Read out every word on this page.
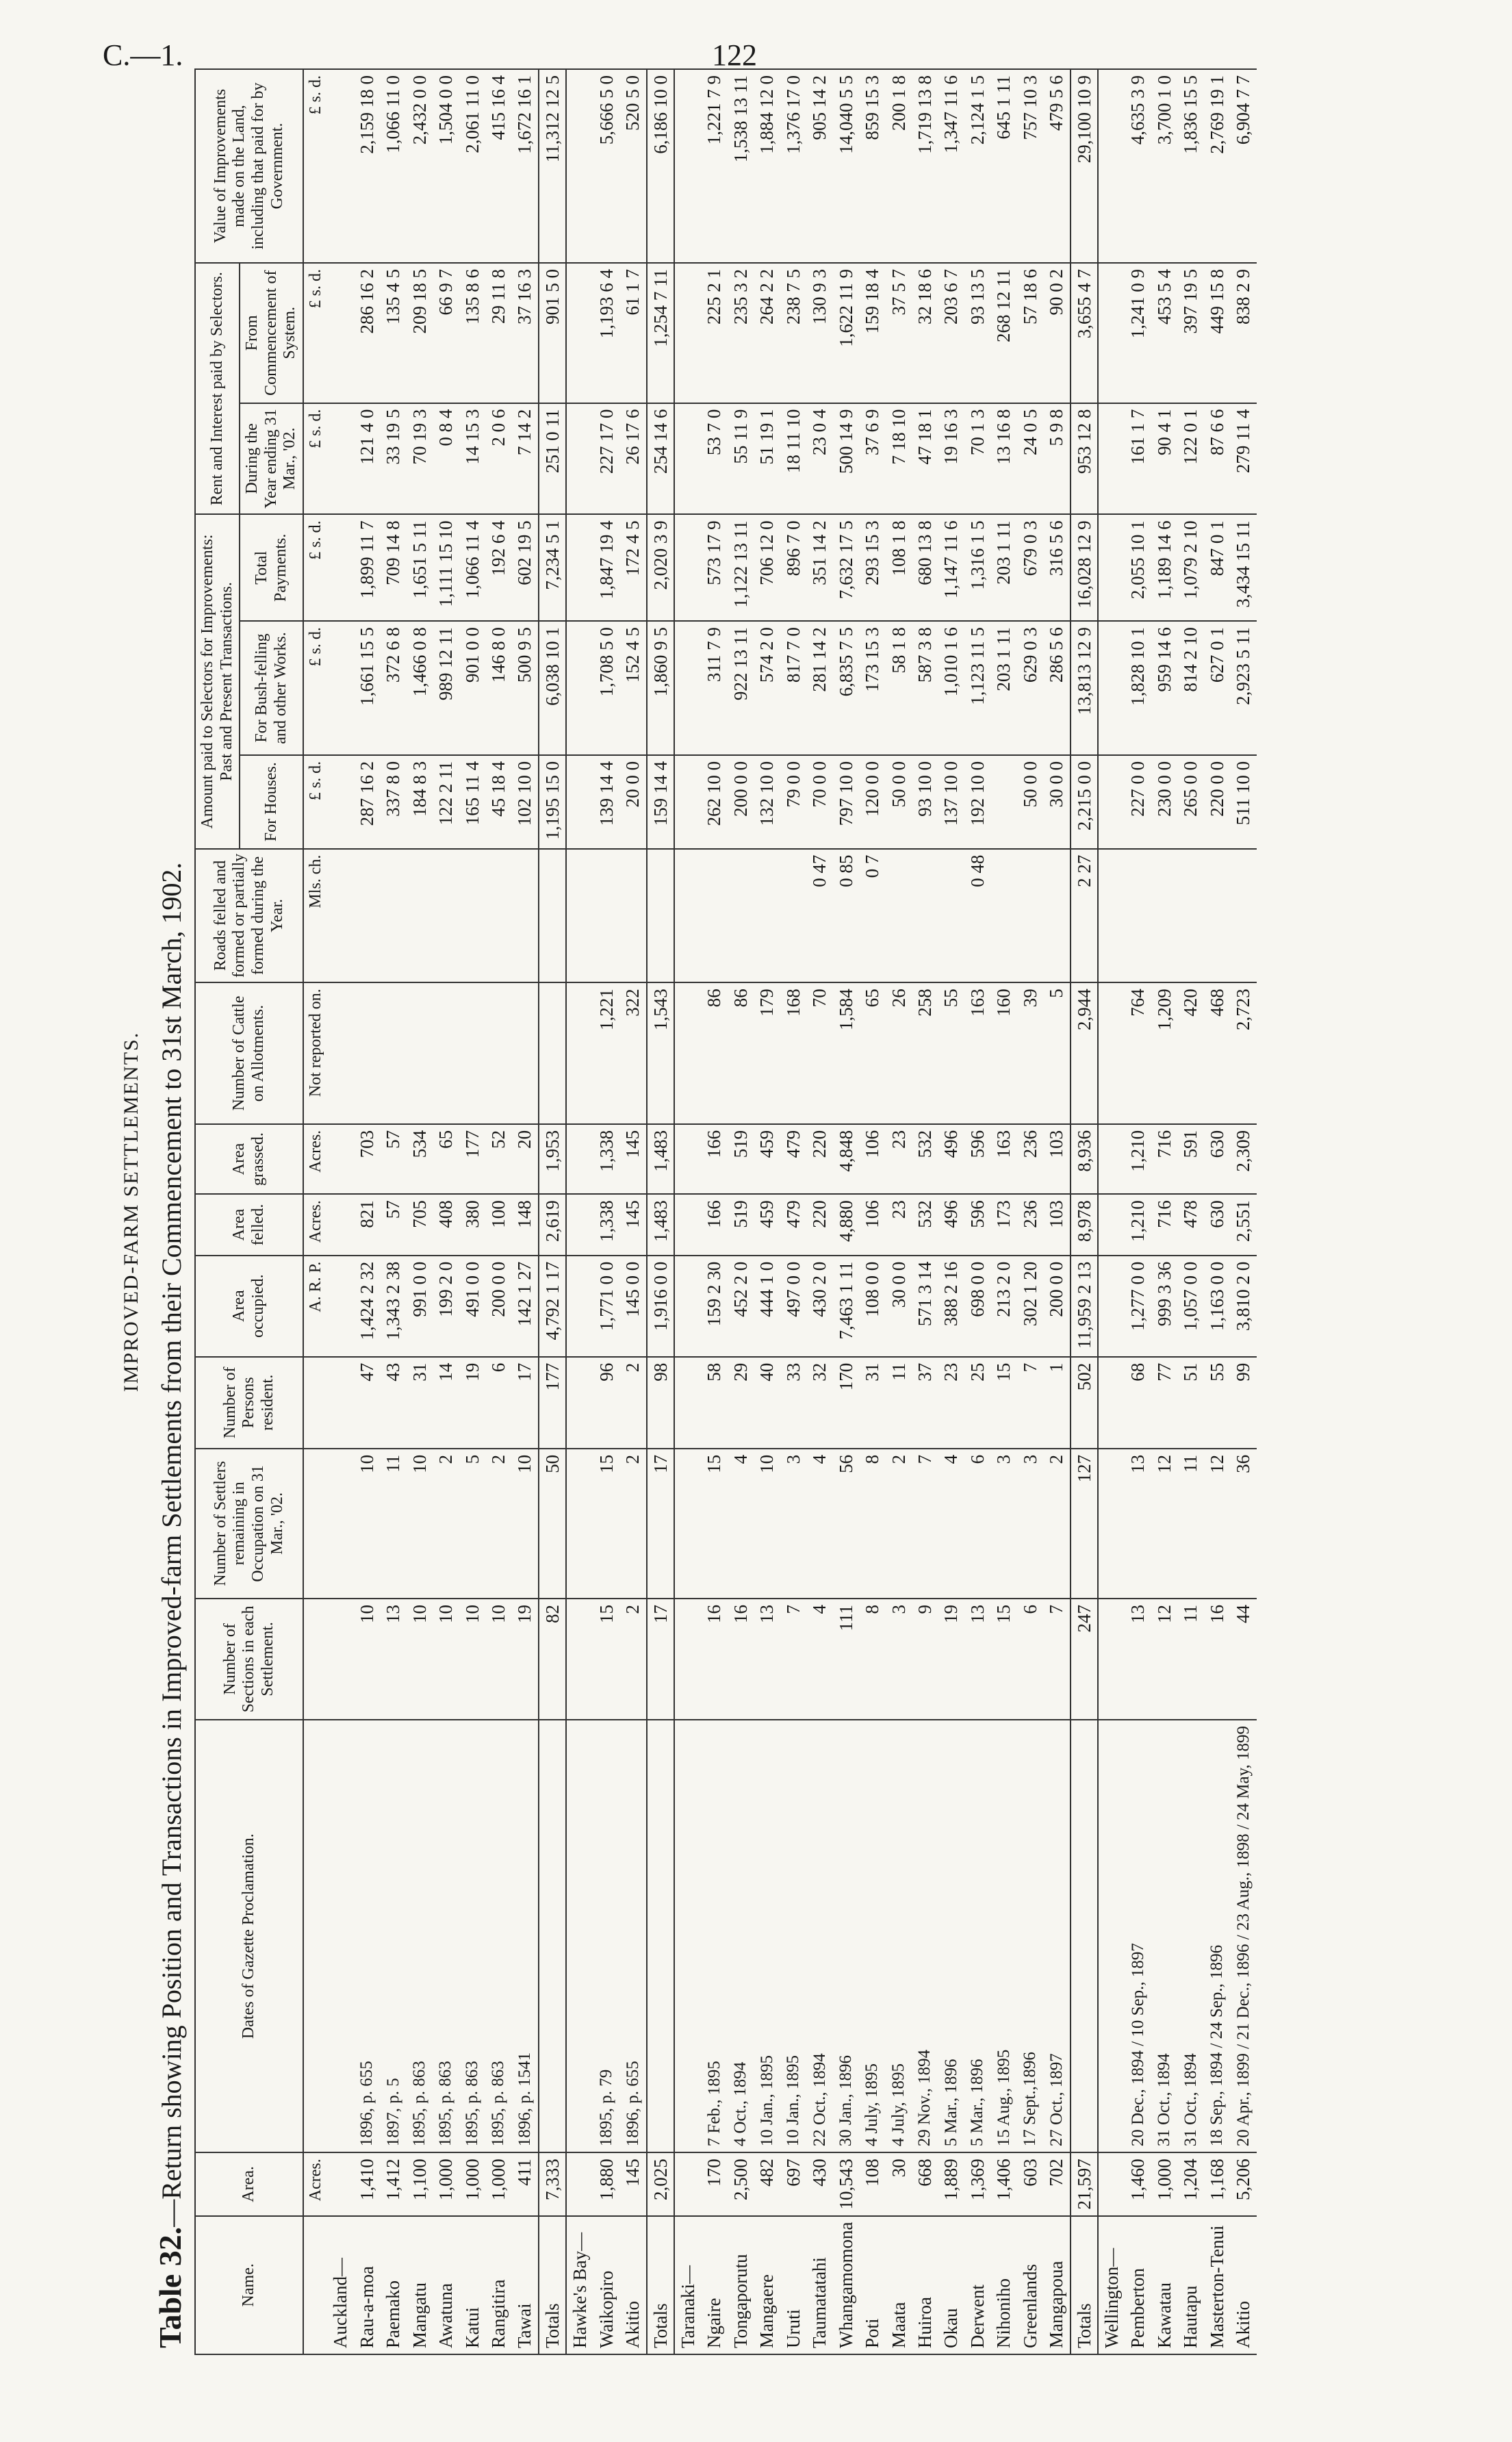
C.—1.	122
IMPROVED-FARM SETTLEMENTS.
Table 32.—Return showing Position and Transactions in Improved-farm Settlements from their Commencement to 31st March, 1902.
Name.	Area.	Dates of Gazette Proclamation.	Number of Sections in each Settlement.	Number of Settlers remaining in Occupation on 31 Mar., '02.	Number of Persons resident.	Area occupied.	Area felled.	Area grassed.	Number of Cattle on Allotments.	Roads felled and formed or partially formed during the Year.	Amount paid to Selectors for Improvements: Past and Present Transactions.			Rent and Interest paid by Selectors.		Value of Improvements made on the Land, including that paid for by Government.
											For Houses.	For Bush-felling and other Works.	Total Payments.	During the Year ending 31 Mar., '02.	From Commencement of System.	
	Acres.					A. R. P.	Acres.	Acres.	Not reported on.	Mls. ch.	£ s. d.	£ s. d.	£ s. d.	£ s. d.	£ s. d.	£ s. d.
Auckland—																
Rau-a-moa	1,410	1896, p. 655	10	10	47	1,424 2 32	821	703			287 16 2	1,661 15 5	1,899 11 7	121 4 0	286 16 2	2,159 18 0
Paemako	1,412	1897, p. 5	13	11	43	1,343 2 38	57	57			337 8 0	372 6 8	709 14 8	33 19 5	135 4 5	1,066 11 0
Mangatu	1,100	1895, p. 863	10	10	31	991 0 0	705	534			184 8 3	1,466 0 8	1,651 5 11	70 19 3	209 18 5	2,432 0 0
Awatuna	1,000	1895, p. 863	10	2	14	199 2 0	408	65			122 2 11	989 12 11	1,111 15 10	0 8 4	66 9 7	1,504 0 0
Katui	1,000	1895, p. 863	10	5	19	491 0 0	380	177			165 11 4	901 0 0	1,066 11 4	14 15 3	135 8 6	2,061 11 0
Rangitira	1,000	1895, p. 863	10	2	6	200 0 0	100	52			45 18 4	146 8 0	192 6 4	2 0 6	29 11 8	415 16 4
Tawai	411	1896, p. 1541	19	10	17	142 1 27	148	20			102 10 0	500 9 5	602 19 5	7 14 2	37 16 3	1,672 16 1
Totals	7,333		82	50	177	4,792 1 17	2,619	1,953			1,195 15 0	6,038 10 1	7,234 5 1	251 0 11	901 5 0	11,312 12 5
Hawke's Bay—																
Waikopiro	1,880	1895, p. 79	15	15	96	1,771 0 0	1,338	1,338	1,221		139 14 4	1,708 5 0	1,847 19 4	227 17 0	1,193 6 4	5,666 5 0
Akitio	145	1896, p. 655	2	2	2	145 0 0	145	145	322		20 0 0	152 4 5	172 4 5	26 17 6	61 1 7	520 5 0
Totals	2,025		17	17	98	1,916 0 0	1,483	1,483	1,543		159 14 4	1,860 9 5	2,020 3 9	254 14 6	1,254 7 11	6,186 10 0
Taranaki—																
Ngaire	170	7 Feb., 1895	16	15	58	159 2 30	166	166	86		262 10 0	311 7 9	573 17 9	53 7 0	225 2 1	1,221 7 9
Tongaporutu	2,500	4 Oct., 1894	16	4	29	452 2 0	519	519	86		200 0 0	922 13 11	1,122 13 11	55 11 9	235 3 2	1,538 13 11
Mangaere	482	10 Jan., 1895	13	10	40	444 1 0	459	459	179		132 10 0	574 2 0	706 12 0	51 19 1	264 2 2	1,884 12 0
Uruti	697	10 Jan., 1895	7	3	33	497 0 0	479	479	168		79 0 0	817 7 0	896 7 0	18 11 10	238 7 5	1,376 17 0
Taumatatahi	430	22 Oct., 1894	4	4	32	430 2 0	220	220	70	0 47	70 0 0	281 14 2	351 14 2	23 0 4	130 9 3	905 14 2
Whangamomona	10,543	30 Jan., 1896	111	56	170	7,463 1 11	4,880	4,848	1,584	0 85	797 10 0	6,835 7 5	7,632 17 5	500 14 9	1,622 11 9	14,040 5 5
Poti	108	4 July, 1895	8	8	31	108 0 0	106	106	65	0 7	120 0 0	173 15 3	293 15 3	37 6 9	159 18 4	859 15 3
Maata	30	4 July, 1895	3	2	11	30 0 0	23	23	26		50 0 0	58 1 8	108 1 8	7 18 10	37 5 7	200 1 8
Huiroa	668	29 Nov., 1894	9	7	37	571 3 14	532	532	258		93 10 0	587 3 8	680 13 8	47 18 1	32 18 6	1,719 13 8
Okau	1,889	5 Mar., 1896	19	4	23	388 2 16	496	496	55		137 10 0	1,010 1 6	1,147 11 6	19 16 3	203 6 7	1,347 11 6
Derwent	1,369	5 Mar., 1896	13	6	25	698 0 0	596	596	163	0 48	192 10 0	1,123 11 5	1,316 1 5	70 1 3	93 13 5	2,124 1 5
Nihoniho	1,406	15 Aug., 1895	15	3	15	213 2 0	173	163	160			203 1 11	203 1 11	13 16 8	268 12 11	645 1 11
Greenlands	603	17 Sept.,1896	6	3	7	302 1 20	236	236	39		50 0 0	629 0 3	679 0 3	24 0 5	57 18 6	757 10 3
Mangapoua	702	27 Oct., 1897	7	2	1	200 0 0	103	103	5		30 0 0	286 5 6	316 5 6	5 9 8	90 0 2	479 5 6
Totals	21,597		247	127	502	11,959 2 13	8,978	8,936	2,944	2 27	2,215 0 0	13,813 12 9	16,028 12 9	953 12 8	3,655 4 7	29,100 10 9
Wellington—																
Pemberton	1,460	20 Dec., 1894 / 10 Sep., 1897	13	13	68	1,277 0 0	1,210	1,210	764		227 0 0	1,828 10 1	2,055 10 1	161 1 7	1,241 0 9	4,635 3 9
Kawatau	1,000	31 Oct., 1894	12	12	77	999 3 36	716	716	1,209		230 0 0	959 14 6	1,189 14 6	90 4 1	453 5 4	3,700 1 0
Hautapu	1,204	31 Oct., 1894	11	11	51	1,057 0 0	478	591	420		265 0 0	814 2 10	1,079 2 10	122 0 1	397 19 5	1,836 15 5
Masterton-Tenui	1,168	18 Sep., 1894 / 24 Sep., 1896	16	12	55	1,163 0 0	630	630	468		220 0 0	627 0 1	847 0 1	87 6 6	449 15 8	2,769 19 1
Akitio	5,206	20 Apr., 1899 / 21 Dec., 1896 / 23 Aug., 1898 / 24 May, 1899	44	36	99	3,810 2 0	2,551	2,309	2,723		511 10 0	2,923 5 11	3,434 15 11	279 11 4	838 2 9	6,904 7 7
